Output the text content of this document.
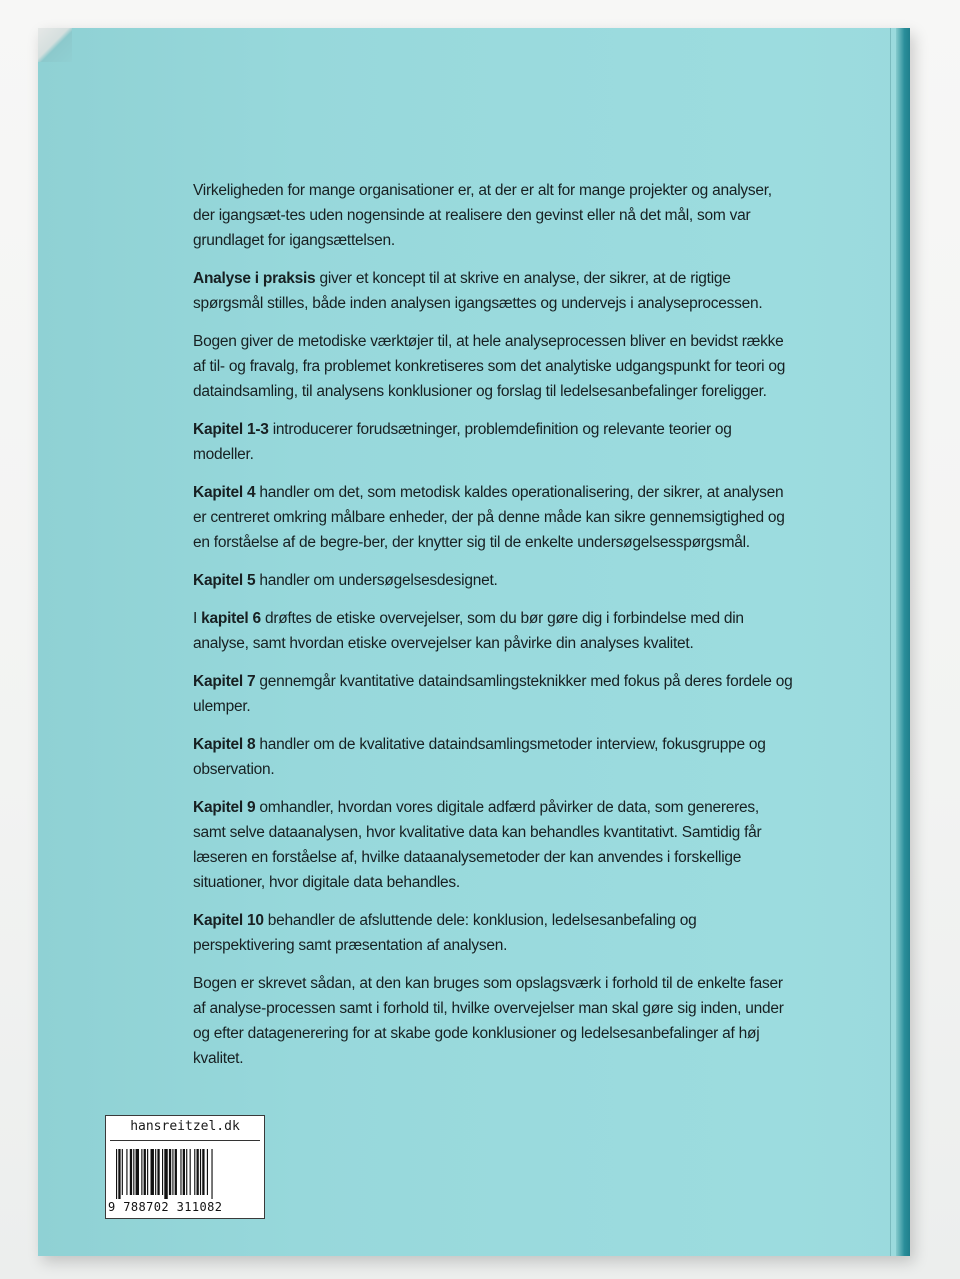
Virkeligheden for mange organisationer er, at der er alt for mange projekter og analyser, der igangsæt-tes uden nogensinde at realisere den gevinst eller nå det mål, som var grundlaget for igangsættelsen.

Analyse i praksis giver et koncept til at skrive en analyse, der sikrer, at de rigtige spørgsmål stilles, både inden analysen igangsættes og undervejs i analyseprocessen.

Bogen giver de metodiske værktøjer til, at hele analyseprocessen bliver en bevidst række af til- og fravalg, fra problemet konkretiseres som det analytiske udgangspunkt for teori og dataindsamling, til analysens konklusioner og forslag til ledelsesanbefalinger foreligger.

Kapitel 1-3 introducerer forudsætninger, problemdefinition og relevante teorier og modeller.

Kapitel 4 handler om det, som metodisk kaldes operationalisering, der sikrer, at analysen er centreret omkring målbare enheder, der på denne måde kan sikre gennemsigtighed og en forståelse af de begre-ber, der knytter sig til de enkelte undersøgelsesspørgsmål.

Kapitel 5 handler om undersøgelsesdesignet.

I kapitel 6 drøftes de etiske overvejelser, som du bør gøre dig i forbindelse med din analyse, samt hvordan etiske overvejelser kan påvirke din analyses kvalitet.

Kapitel 7 gennemgår kvantitative dataindsamlingsteknikker med fokus på deres fordele og ulemper.

Kapitel 8 handler om de kvalitative dataindsamlingsmetoder interview, fokusgruppe og observation.

Kapitel 9 omhandler, hvordan vores digitale adfærd påvirker de data, som genereres, samt selve dataanalysen, hvor kvalitative data kan behandles kvantitativt. Samtidig får læseren en forståelse af, hvilke dataanalysemetoder der kan anvendes i forskellige situationer, hvor digitale data behandles.

Kapitel 10 behandler de afsluttende dele: konklusion, ledelsesanbefaling og perspektivering samt præsentation af analysen.

Bogen er skrevet sådan, at den kan bruges som opslagsværk i forhold til de enkelte faser af analyse-processen samt i forhold til, hvilke overvejelser man skal gøre sig inden, under og efter datagenerering for at skabe gode konklusioner og ledelsesanbefalinger af høj kvalitet.

hansreitzel.dk
9 788702 311082
